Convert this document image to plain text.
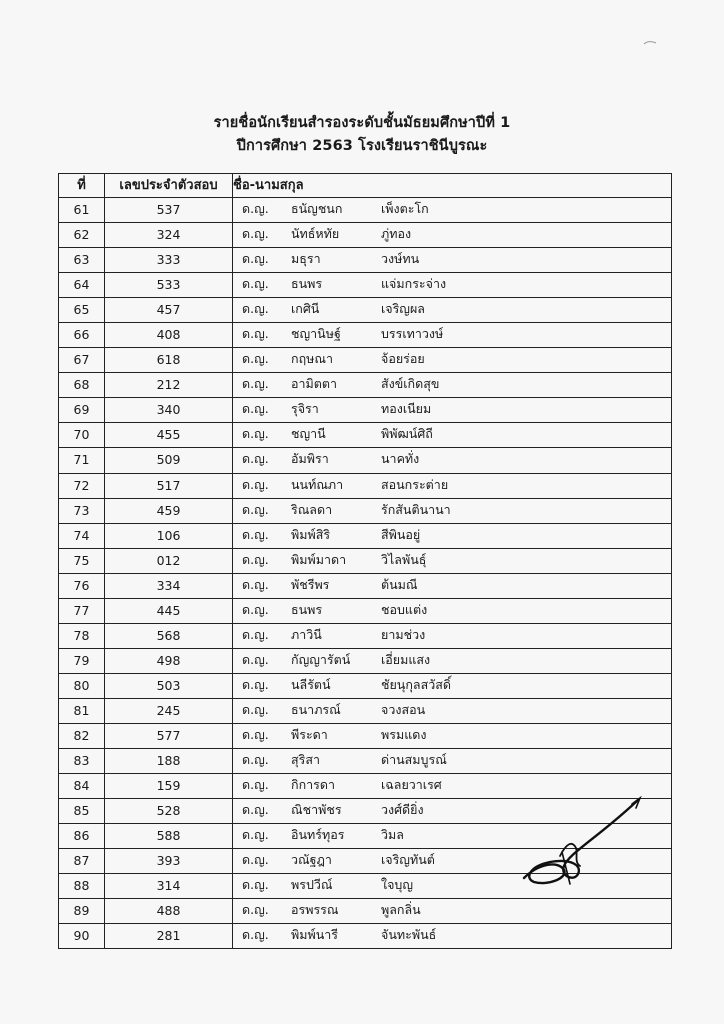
รายชื่อนักเรียนสำรองระดับชั้นมัธยมศึกษาปีที่ 1
ปีการศึกษา 2563 โรงเรียนราชินีบูรณะ
ที่	เลขประจำตัวสอบ	ชื่อ-นามสกุล
61	537	ด.ญ. ธนัญชนก เพ็งตะโก

62	324	ด.ญ. นัทธ์หทัย ภู่ทอง

63	333	ด.ญ. มธุรา วงษ์ทน

64	533	ด.ญ. ธนพร แจ่มกระจ่าง

65	457	ด.ญ. เกศินี เจริญผล

66	408	ด.ญ. ชญานิษฐ์ บรรเทาวงษ์

67	618	ด.ญ. กฤษณา จ้อยร่อย

68	212	ด.ญ. อามิตตา สังข์เกิดสุข

69	340	ด.ญ. รุจิรา ทองเนียม

70	455	ด.ญ. ชญานี พิพัฒน์ศิถี

71	509	ด.ญ. อัมพิรา นาคทั่ง

72	517	ด.ญ. นนท์ณภา สอนกระต่าย

73	459	ด.ญ. ริณลดา รักสันตินานา

74	106	ด.ญ. พิมพ์สิริ สีพินอยู่

75	012	ด.ญ. พิมพ์มาดา วิไลพันธุ์

76	334	ด.ญ. พัชรีพร ต้นมณี

77	445	ด.ญ. ธนพร ชอบแต่ง

78	568	ด.ญ. ภาวินี ยามช่วง

79	498	ด.ญ. กัญญารัตน์ เอี่ยมแสง

80	503	ด.ญ. นลีรัตน์ ชัยนุกุลสวัสดิ์

81	245	ด.ญ. ธนาภรณ์ จวงสอน

82	577	ด.ญ. พีระดา พรมแดง

83	188	ด.ญ. สุริสา ด่านสมบูรณ์

84	159	ด.ญ. กิการดา เฉลยวาเรศ

85	528	ด.ญ. ณิชาพัชร วงศ์ดียิ่ง

86	588	ด.ญ. อินทร์ทุอร วิมล

87	393	ด.ญ. วณัฐฎา เจริญทันต์

88	314	ด.ญ. พรปวีณ์ ใจบุญ

89	488	ด.ญ. อรพรรณ พูลกลิ่น

90	281	ด.ญ. พิมพ์นารี จันทะพันธ์
